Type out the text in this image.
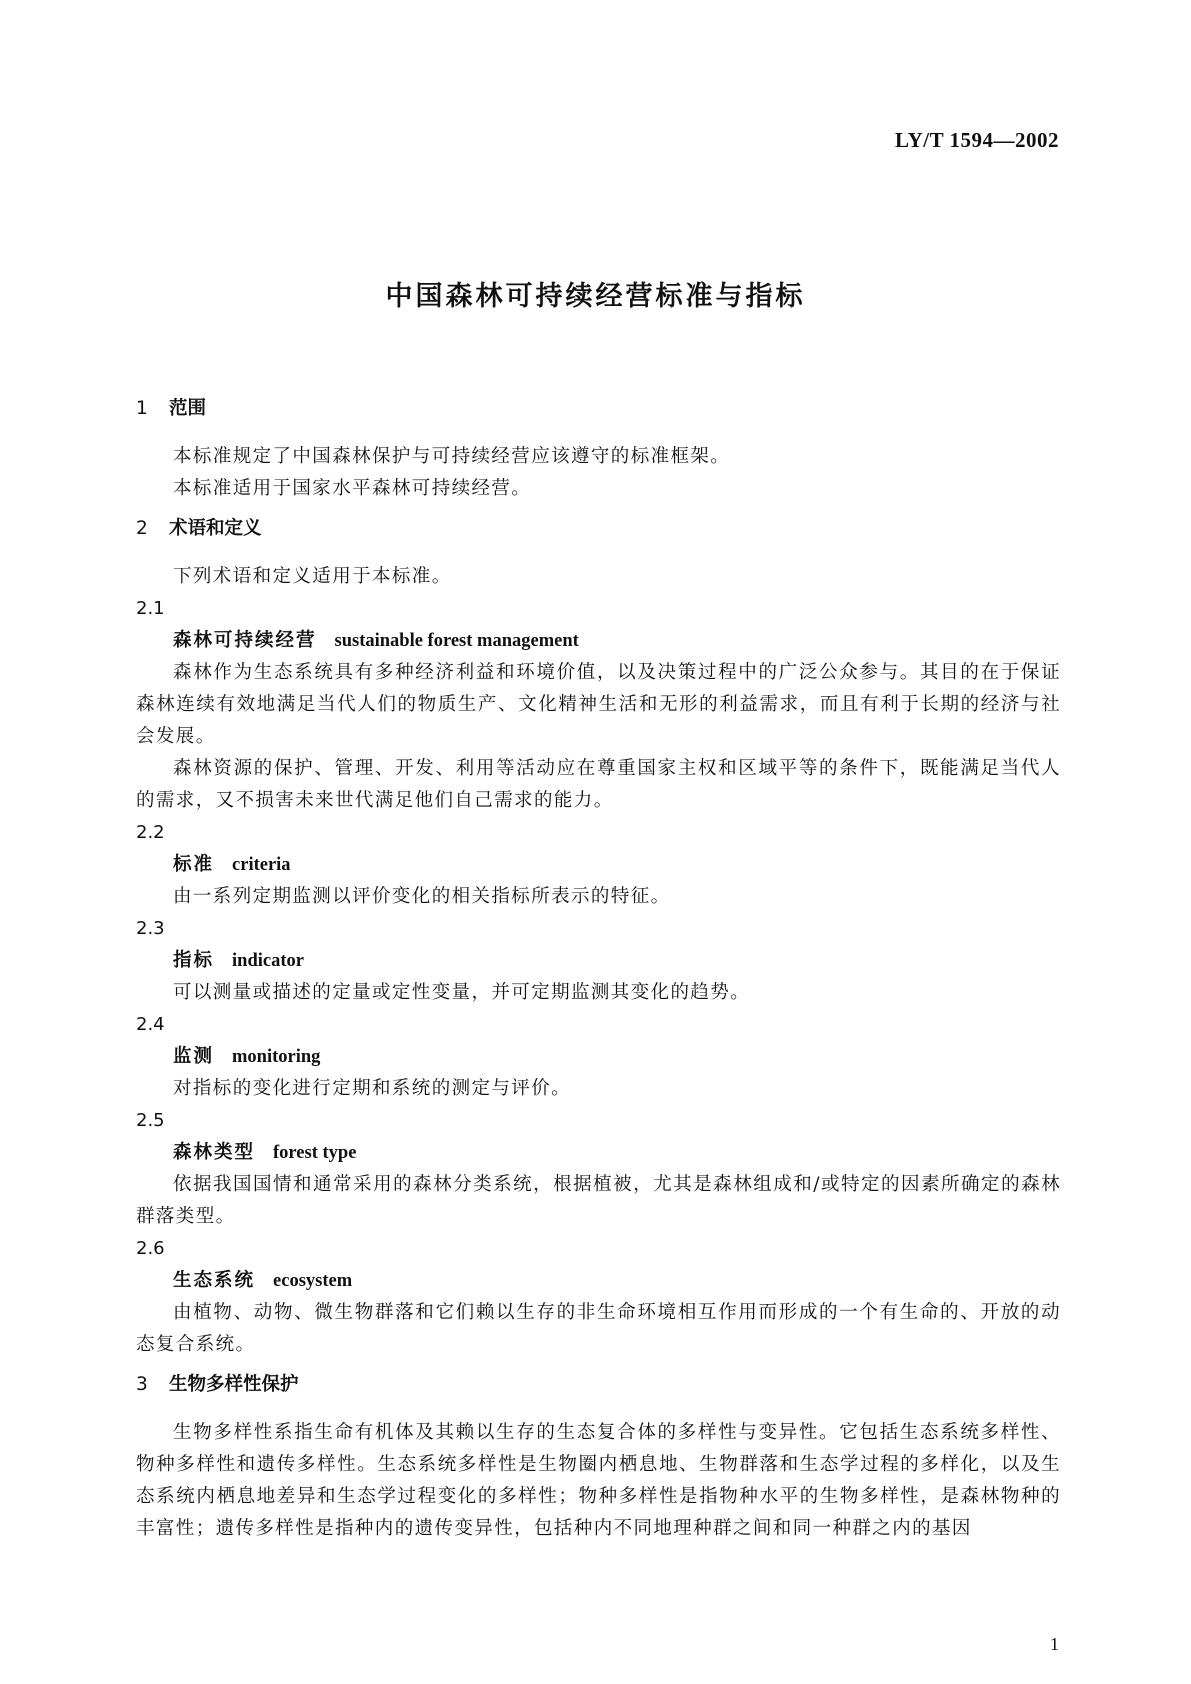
LY/T 1594—2002
中国森林可持续经营标准与指标
1 范围

本标准规定了中国森林保护与可持续经营应该遵守的标准框架。

本标准适用于国家水平森林可持续经营。

2 术语和定义

下列术语和定义适用于本标准。

2.1

森林可持续经营 sustainable forest management

森林作为生态系统具有多种经济利益和环境价值，以及决策过程中的广泛公众参与。其目的在于保证森林连续有效地满足当代人们的物质生产、文化精神生活和无形的利益需求，而且有利于长期的经济与社会发展。

森林资源的保护、管理、开发、利用等活动应在尊重国家主权和区域平等的条件下，既能满足当代人的需求，又不损害未来世代满足他们自己需求的能力。

2.2

标准 criteria

由一系列定期监测以评价变化的相关指标所表示的特征。

2.3

指标 indicator

可以测量或描述的定量或定性变量，并可定期监测其变化的趋势。

2.4

监测 monitoring

对指标的变化进行定期和系统的测定与评价。

2.5

森林类型 forest type

依据我国国情和通常采用的森林分类系统，根据植被，尤其是森林组成和/或特定的因素所确定的森林群落类型。

2.6

生态系统 ecosystem

由植物、动物、微生物群落和它们赖以生存的非生命环境相互作用而形成的一个有生命的、开放的动态复合系统。

3 生物多样性保护

生物多样性系指生命有机体及其赖以生存的生态复合体的多样性与变异性。它包括生态系统多样性、物种多样性和遗传多样性。生态系统多样性是生物圈内栖息地、生物群落和生态学过程的多样化，以及生态系统内栖息地差异和生态学过程变化的多样性；物种多样性是指物种水平的生物多样性，是森林物种的丰富性；遗传多样性是指种内的遗传变异性，包括种内不同地理种群之间和同一种群之内的基因

1
